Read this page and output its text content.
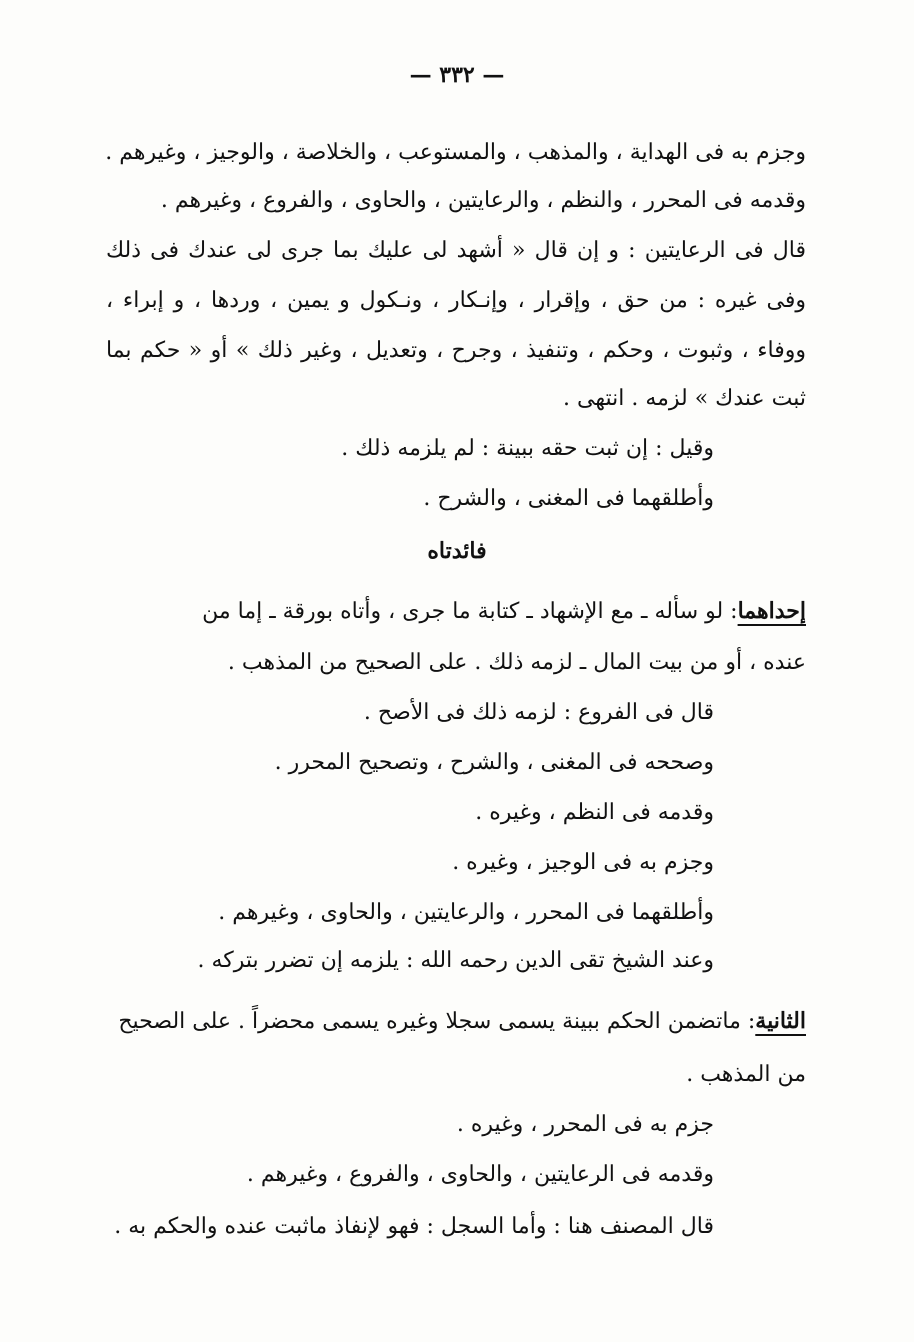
— ٣٣٢ —
وجزم به فى الهداية ، والمذهب ، والمستوعب ، والخلاصة ، والوجيز ، وغيرهم .
وقدمه فى المحرر ، والنظم ، والرعايتين ، والحاوى ، والفروع ، وغيرهم .
قال فى الرعايتين : و إن قال « أشهد لى عليك بما جرى لى عندك فى ذلك
وفى غيره : من حق ، وإقرار ، وإنـكار ، ونـكول و يمين ، وردها ، و إبراء ،
ووفاء ، وثبوت ، وحكم ، وتنفيذ ، وجرح ، وتعديل ، وغير ذلك » أو « حكم بما
ثبت عندك » لزمه . انتهى .
وقيل : إن ثبت حقه ببينة : لم يلزمه ذلك .
وأطلقهما فى المغنى ، والشرح .
فائدتاه
إحداهما: لو سأله ـ مع الإشهاد ـ كتابة ما جرى ، وأتاه بورقة ـ إما من
عنده ، أو من بيت المال ـ لزمه ذلك . على الصحيح من المذهب .
قال فى الفروع : لزمه ذلك فى الأصح .
وصححه فى المغنى ، والشرح ، وتصحيح المحرر .
وقدمه فى النظم ، وغيره .
وجزم به فى الوجيز ، وغيره .
وأطلقهما فى المحرر ، والرعايتين ، والحاوى ، وغيرهم .
وعند الشيخ تقى الدين رحمه الله : يلزمه إن تضرر بتركه .
الثانية: ماتضمن الحكم ببينة يسمى سجلا وغيره يسمى محضراً . على الصحيح
من المذهب .
جزم به فى المحرر ، وغيره .
وقدمه فى الرعايتين ، والحاوى ، والفروع ، وغيرهم .
قال المصنف هنا : وأما السجل : فهو لإنفاذ ماثبت عنده والحكم به .
